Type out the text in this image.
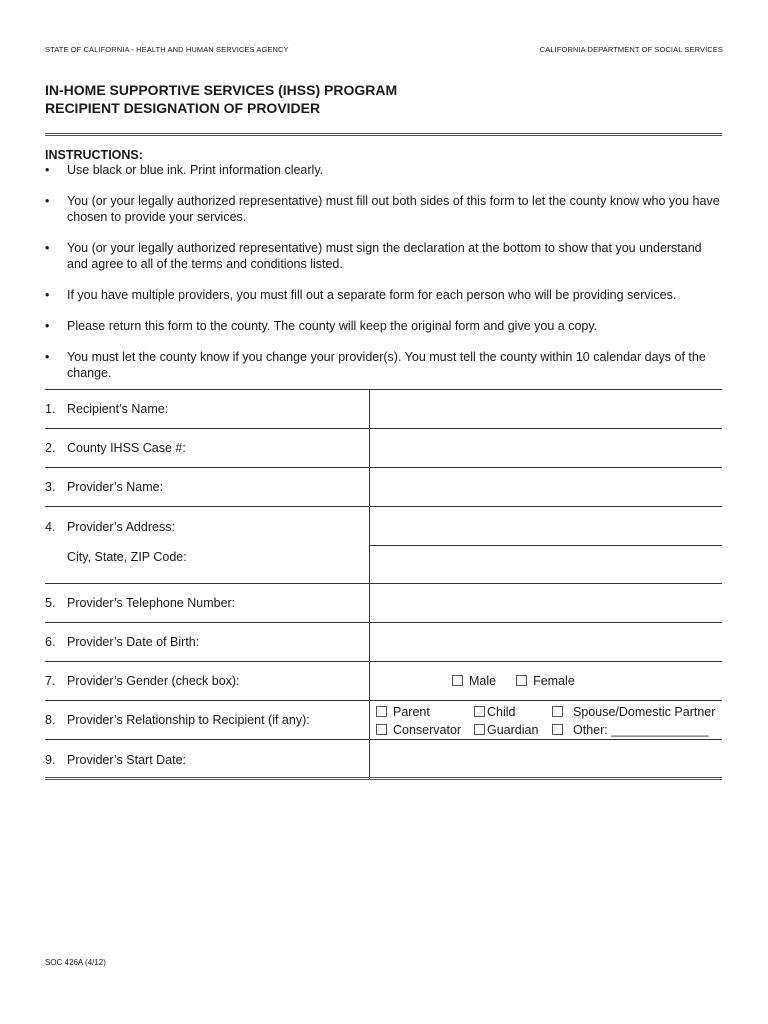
STATE OF CALIFORNIA - HEALTH AND HUMAN SERVICES AGENCY	CALIFORNIA DEPARTMENT OF SOCIAL SERVICES
IN-HOME SUPPORTIVE SERVICES (IHSS) PROGRAM
RECIPIENT DESIGNATION OF PROVIDER
INSTRUCTIONS:
• Use black or blue ink. Print information clearly.
• You (or your legally authorized representative) must fill out both sides of this form to let the county know who you have chosen to provide your services.
• You (or your legally authorized representative) must sign the declaration at the bottom to show that you understand and agree to all of the terms and conditions listed.
• If you have multiple providers, you must fill out a separate form for each person who will be providing services.
• Please return this form to the county. The county will keep the original form and give you a copy.
• You must let the county know if you change your provider(s). You must tell the county within 10 calendar days of the change.
1. Recipient’s Name:
2. County IHSS Case #:
3. Provider’s Name:
4. Provider’s Address:
City, State, ZIP Code:
5. Provider’s Telephone Number:
6. Provider’s Date of Birth:
7. Provider’s Gender (check box):	Male	Female
8. Provider’s Relationship to Recipient (if any):
Parent	Child	Spouse/Domestic Partner
Conservator	Guardian	Other: ______________
9. Provider’s Start Date:
SOC 426A (4/12)
